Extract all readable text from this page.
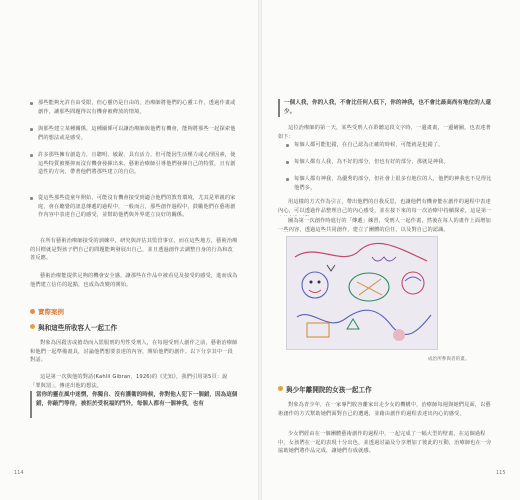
那些能夠允許自由受限，但心靈仍是自由的，治療師將他們的心靈工作，透過作畫或創作，讓那些問題得以有機會被釋放的情境。
與那些建立某種關係，這種關係可以讓治療師與他們有機會，能夠將那些一起探索他們的想法或是感受。
許多那些擁有創造力，且聰明、敏銳、具有活力，但可能因生活壓力或心理因素，使這些特質被壓抑而沒有機會發揮出來。藝術治療師引導他們發揮自己的特質，且有創造性的方向，帶著他們將那些建立的自信。
從這些那些從童年開始，可能沒有機會接受到適合他們的教育環境，尤其是單親的家庭，會在聽覺的訊息傳遞的過程中，一般而言，那些創作過程中，鼓勵他們在藝術創作內容中表達自己的感受，並幫助他們與外界建立良好的關係。
在所有藝術治療師接受的訓練中，研究與評估其監管事宜，而在這些地方，藝術治療的目標就是對孩子們自己的問題能夠發展出自己，並且透過創作去調整自身的行為和改善反應。
藝術治療能提供足夠的機會安全感，讓那些在作品中被看見及接受的感受，進而成為他們建立信任的起點，也成為改變的開始。
實際案例
與和這些所收容人一起工作
對象為因殺害或搶劫而入監服刑的男性受刑人，在每週受刑人創作之前，藝術治療師和他們一起準備畫具，討論他們想要表達的內容，開始他們的創作。以下分享其中一段對話。
這是第一次與他的對話(Kahlil Gibran，1926)的《先知》，我們引用第5頁：說「罪與罰」，傳達出他的想法。
當你的靈在風中迷惘，你獨自、沒有護衛的時候，你對他人犯下一個錯，因為這個錯，你敲門等待，被拒於受祝福的門外，每個人都有一個神我，也有
114
一個人我，你的人我，不會比任何人低下，你的神我，也不會比最高尚有地位的人還少。
這位治療師的第一天，某些受刑人在聆聽這段文字時，一邊畫畫，一邊繪圖，也表達著如下：
每個人都可能犯錯，在自己認為正確的時候，可能就是犯錯了。
每個人都有人我，為不好的部分，但也有好的部分，那就是神我。
每個人都有神我，為優秀的部分，但社會上很多有地位的人，他們的神我也不見得比他們多。
用這樣的方式作為引言，帶出他們的自我反思，也讓他們有機會能在創作的過程中表達內心，可以透過作品整理自己的內心感受，並在接下來的每一次治療中持續探索，這是第一
圖為第一次創作時進行的「傳遞」練習，受刑人一起作畫，然後在每人的畫作上面增加一些內容，透過這些共同創作，建立了團體的信任，以及對自己的認識。
成治所參與者的畫。
與少年離開院的女孩一起工作
對象為青少年，在一家專門收容離家出走少女的機構中，治療師每週與她們見面，以藝術創作的方式幫助她們面對自己的遭遇，並藉由創作的過程表達出內心的感受。
少女們經由在一個團體藝術創作的過程中，一起完成了一幅大型的壁畫，在這個過程中，女孩們在一起的表現十分出色，並透過討論及分享增加了彼此的互動，治療師也在一旁協助她們將作品完成，讓她們有成就感。
115
